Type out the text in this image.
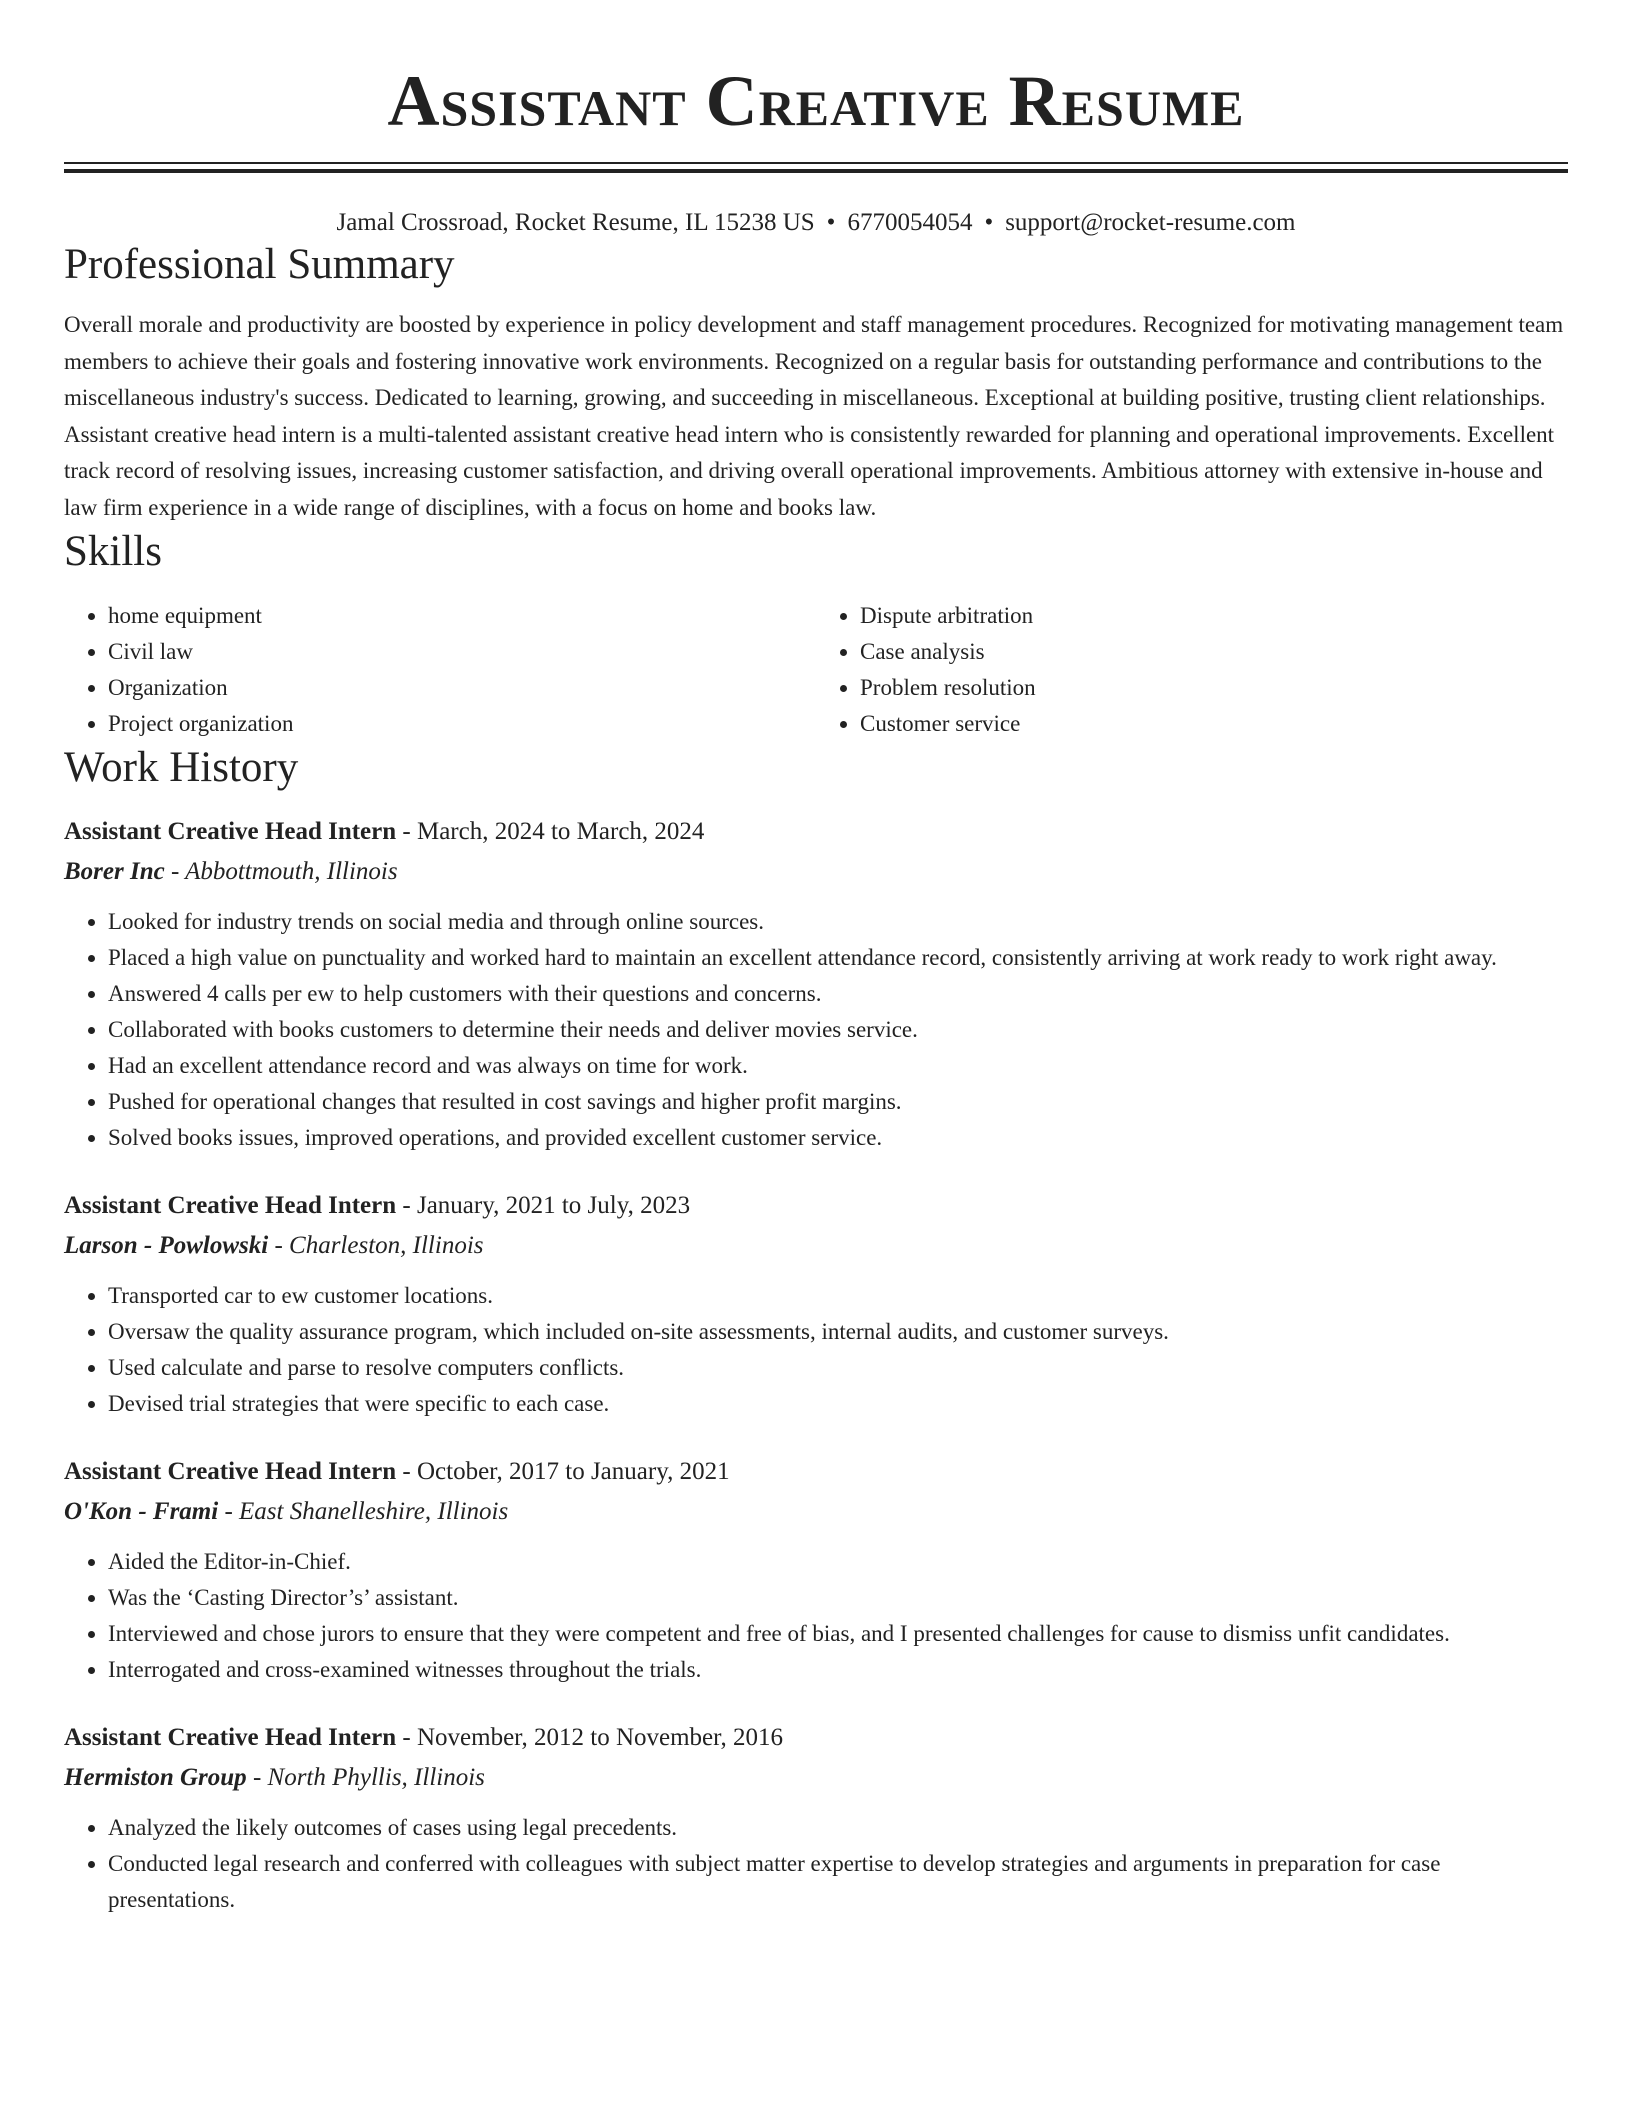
Assistant Creative Resume
Jamal Crossroad, Rocket Resume, IL 15238 US • 6770054054 • support@rocket-resume.com
Professional Summary

Overall morale and productivity are boosted by experience in policy development and staff management procedures. Recognized for motivating management team members to achieve their goals and fostering innovative work environments. Recognized on a regular basis for outstanding performance and contributions to the miscellaneous industry's success. Dedicated to learning, growing, and succeeding in miscellaneous. Exceptional at building positive, trusting client relationships. Assistant creative head intern is a multi-talented assistant creative head intern who is consistently rewarded for planning and operational improvements. Excellent track record of resolving issues, increasing customer satisfaction, and driving overall operational improvements. Ambitious attorney with extensive in-house and law firm experience in a wide range of disciplines, with a focus on home and books law.

Skills
• home equipment
• Civil law
• Organization
• Project organization
• Dispute arbitration
• Case analysis
• Problem resolution
• Customer service
Work History
Assistant Creative Head Intern - March, 2024 to March, 2024
Borer Inc - Abbottmouth, Illinois
• Looked for industry trends on social media and through online sources.
• Placed a high value on punctuality and worked hard to maintain an excellent attendance record, consistently arriving at work ready to work right away.
• Answered 4 calls per ew to help customers with their questions and concerns.
• Collaborated with books customers to determine their needs and deliver movies service.
• Had an excellent attendance record and was always on time for work.
• Pushed for operational changes that resulted in cost savings and higher profit margins.
• Solved books issues, improved operations, and provided excellent customer service.
Assistant Creative Head Intern - January, 2021 to July, 2023
Larson - Powlowski - Charleston, Illinois
• Transported car to ew customer locations.
• Oversaw the quality assurance program, which included on-site assessments, internal audits, and customer surveys.
• Used calculate and parse to resolve computers conflicts.
• Devised trial strategies that were specific to each case.
Assistant Creative Head Intern - October, 2017 to January, 2021
O'Kon - Frami - East Shanelleshire, Illinois
• Aided the Editor-in-Chief.
• Was the ‘Casting Director’s’ assistant.
• Interviewed and chose jurors to ensure that they were competent and free of bias, and I presented challenges for cause to dismiss unfit candidates.
• Interrogated and cross-examined witnesses throughout the trials.
Assistant Creative Head Intern - November, 2012 to November, 2016
Hermiston Group - North Phyllis, Illinois
• Analyzed the likely outcomes of cases using legal precedents.
• Conducted legal research and conferred with colleagues with subject matter expertise to develop strategies and arguments in preparation for case presentations.
